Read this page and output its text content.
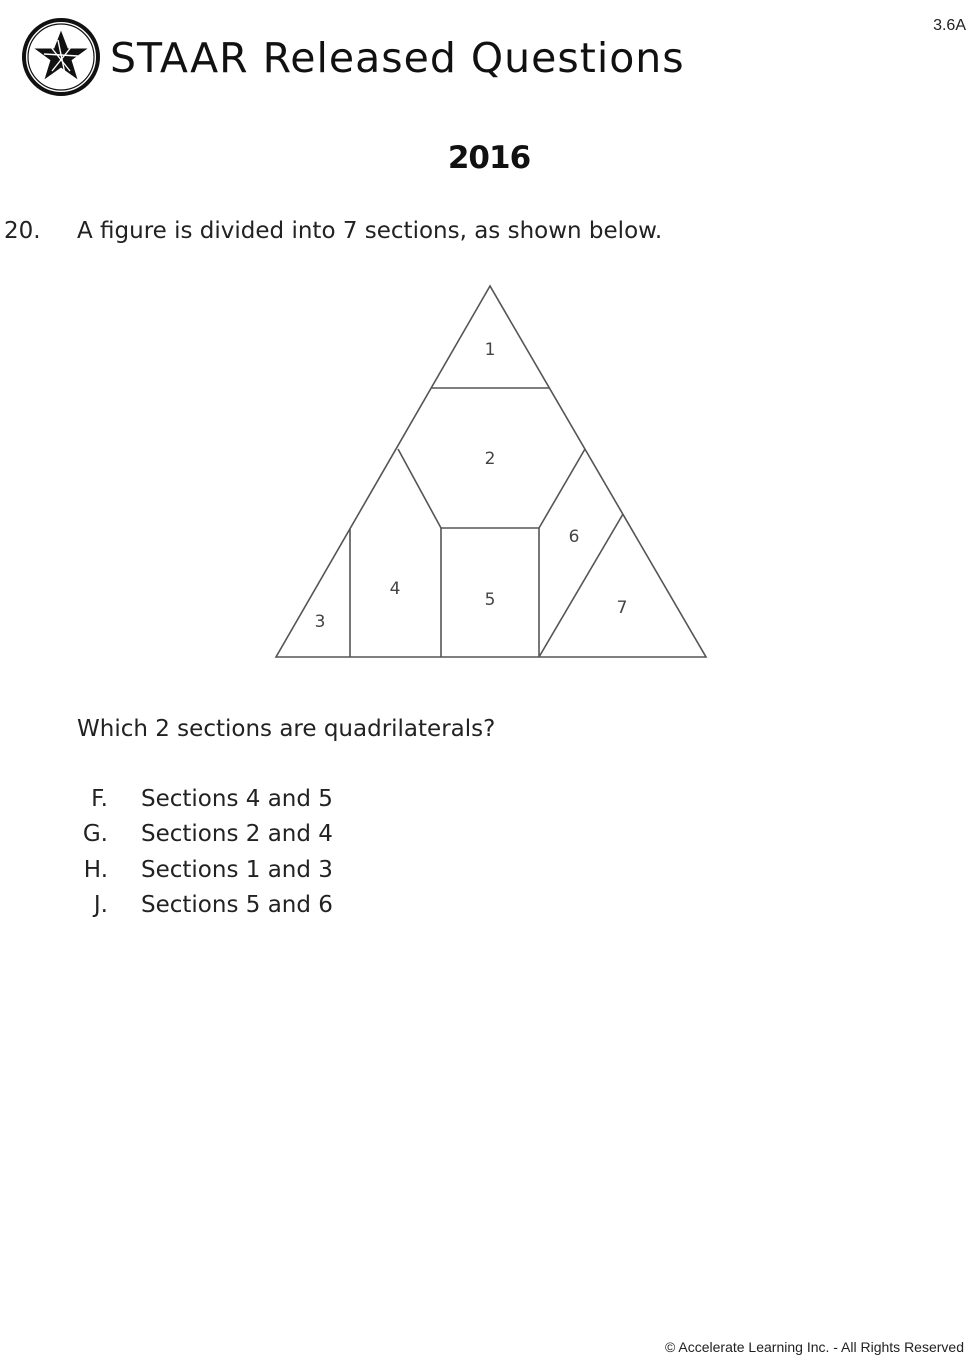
STAAR Released Questions
3.6A
2016
20. A figure is divided into 7 sections, as shown below.
1
2
3
4
5
6
7
Which 2 sections are quadrilaterals?
F. Sections 4 and 5
G. Sections 2 and 4
H. Sections 1 and 3
J. Sections 5 and 6
© Accelerate Learning Inc. - All Rights Reserved
